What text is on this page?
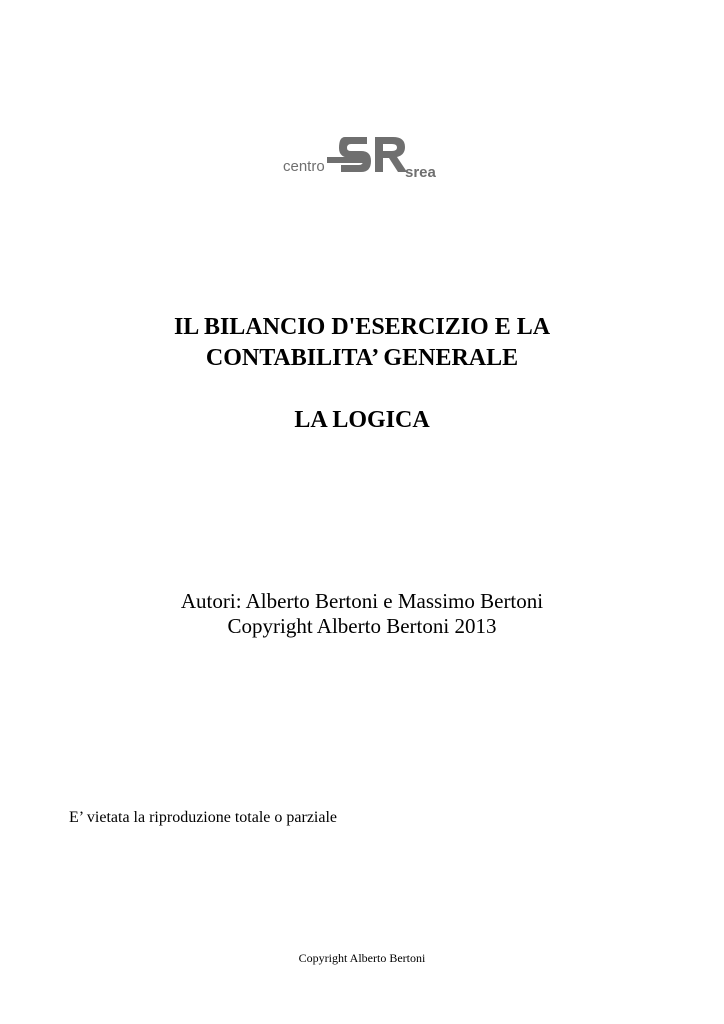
centro	srea
IL BILANCIO D'ESERCIZIO E LA
CONTABILITA’ GENERALE
LA LOGICA
Autori: Alberto Bertoni e Massimo Bertoni
Copyright Alberto Bertoni 2013
E’ vietata la riproduzione totale o parziale
Copyright Alberto Bertoni
